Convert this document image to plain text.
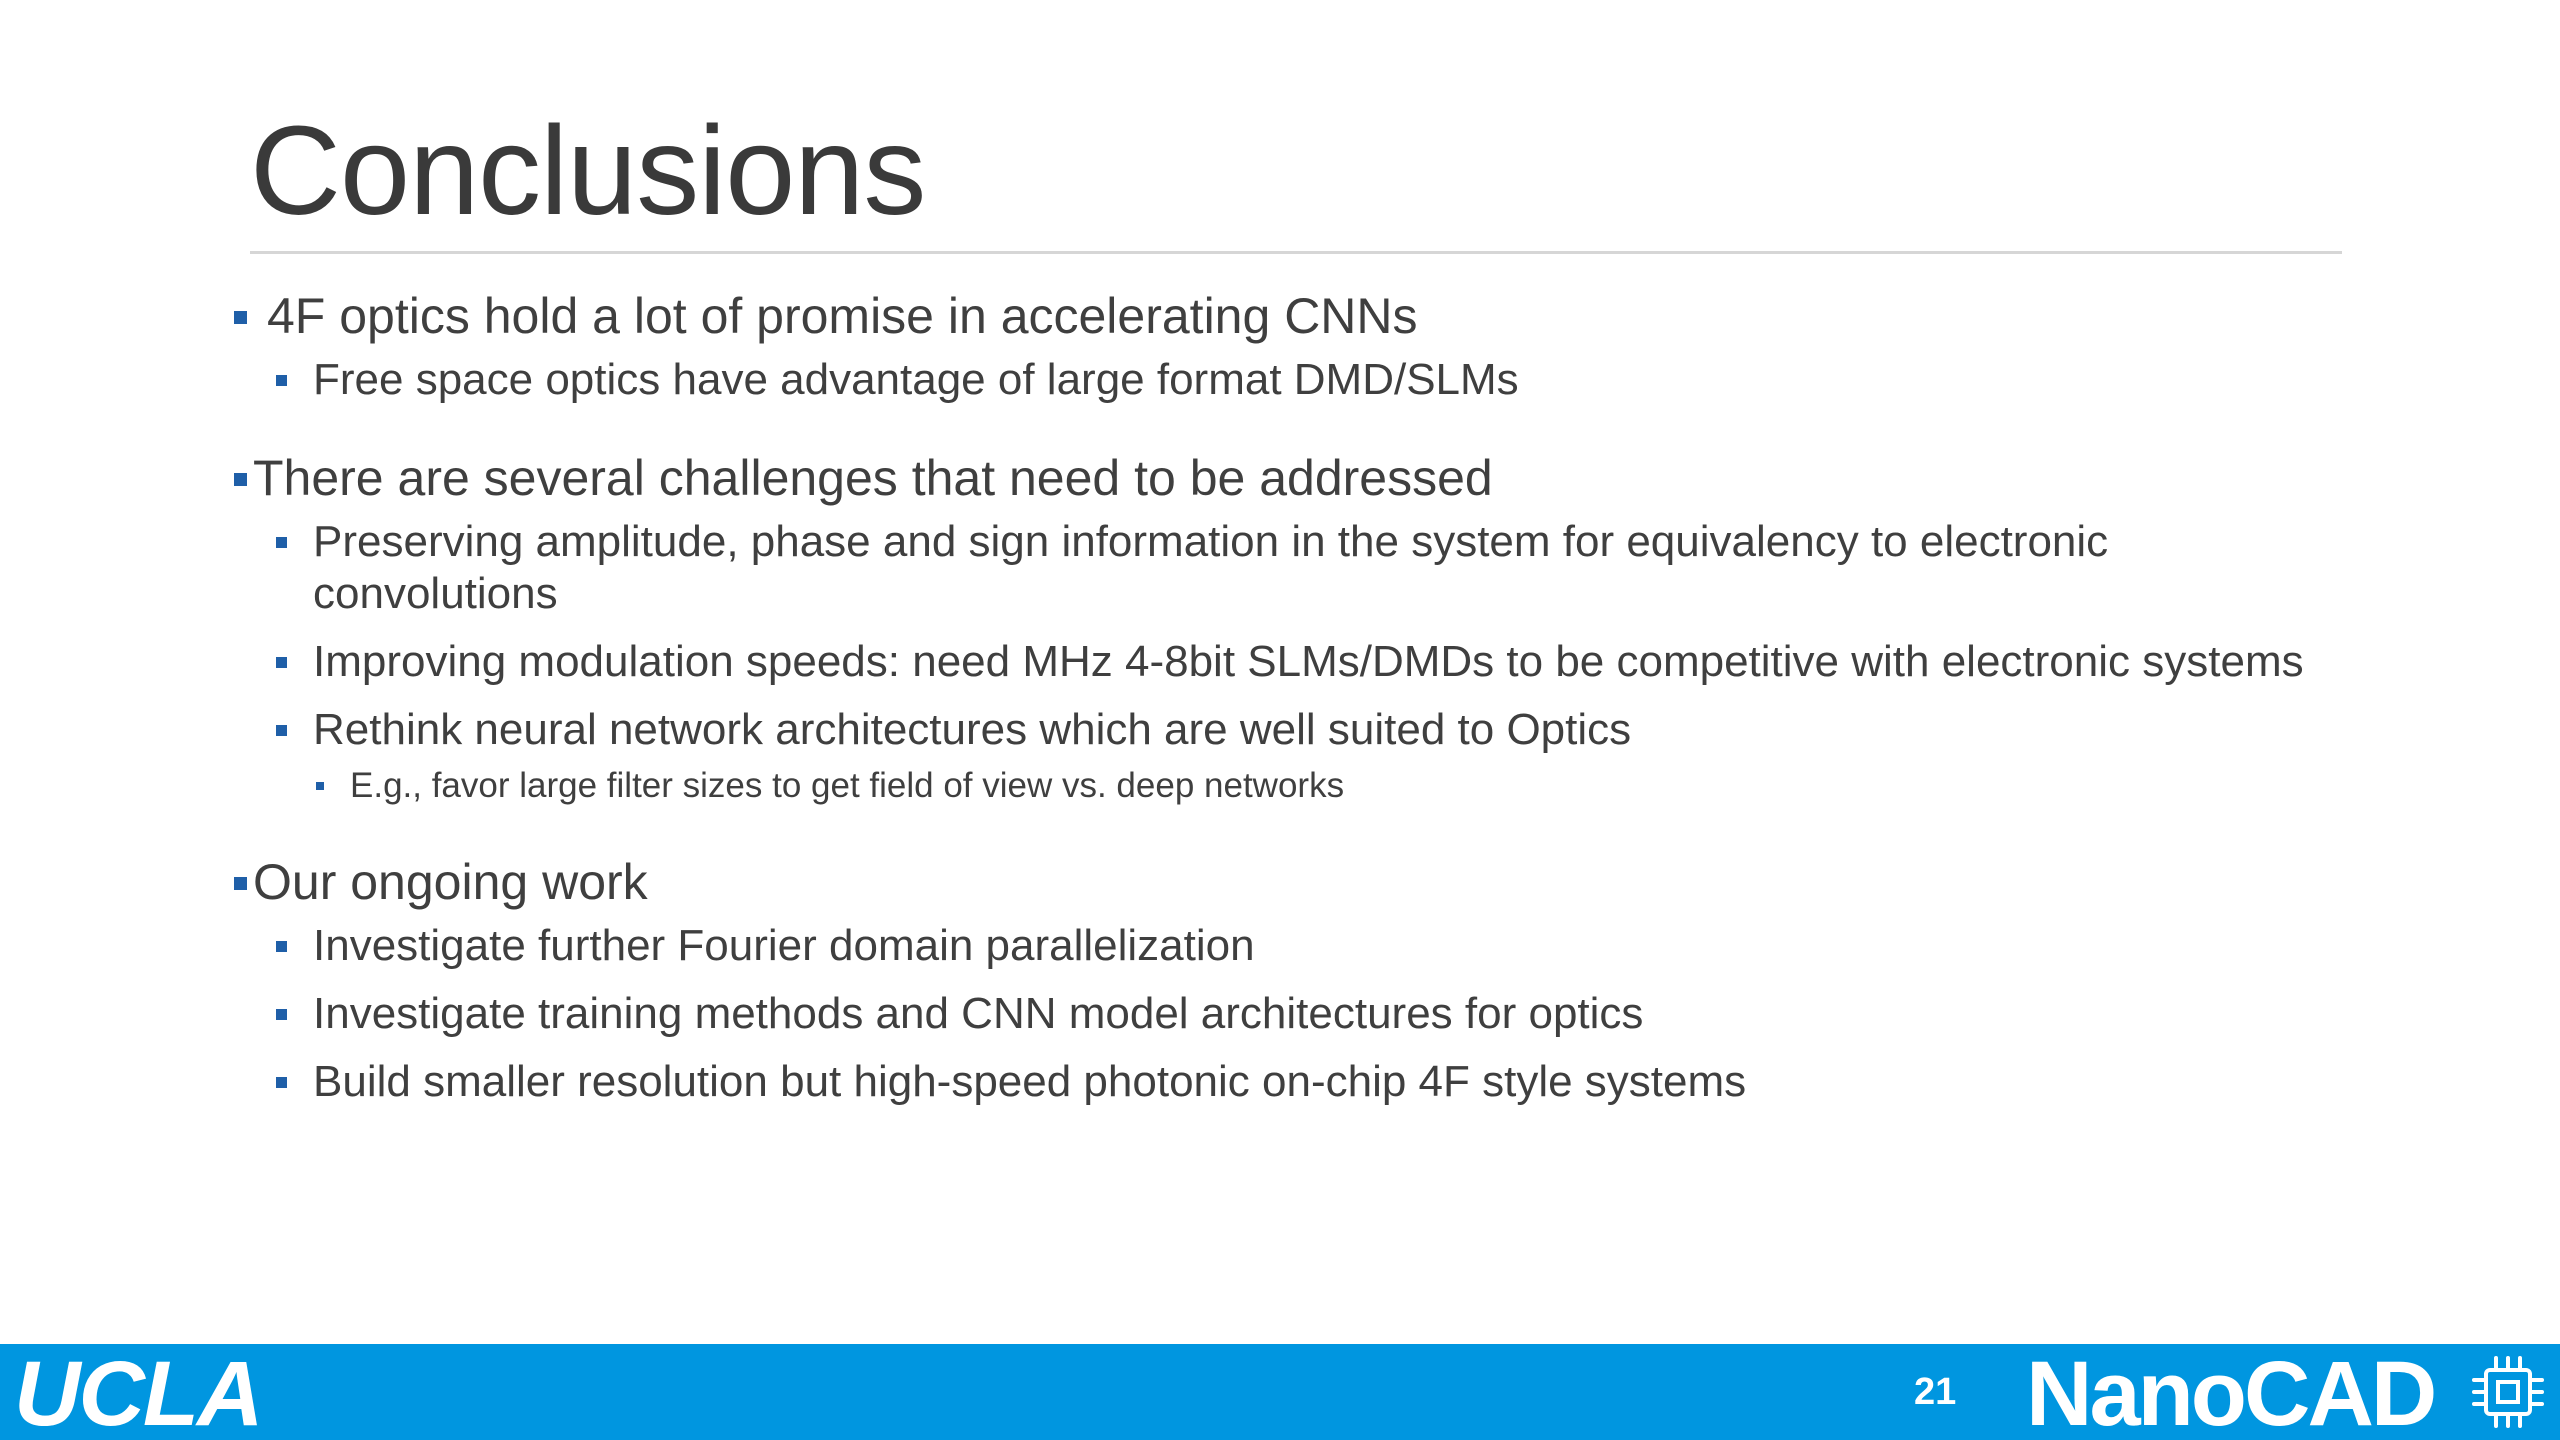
Conclusions
4F optics hold a lot of promise in accelerating CNNs
Free space optics have advantage of large format DMD/SLMs
There are several challenges that need to be addressed
Preserving amplitude, phase and sign information in the system for equivalency to electronic convolutions
Improving modulation speeds: need MHz 4-8bit SLMs/DMDs to be competitive with electronic systems
Rethink neural network architectures which are well suited to Optics
E.g., favor large filter sizes to get field of view vs. deep networks
Our ongoing work
Investigate further Fourier domain parallelization
Investigate training methods and CNN model architectures for optics
Build smaller resolution but high-speed photonic on-chip 4F style systems
UCLA	21 NanoCAD
